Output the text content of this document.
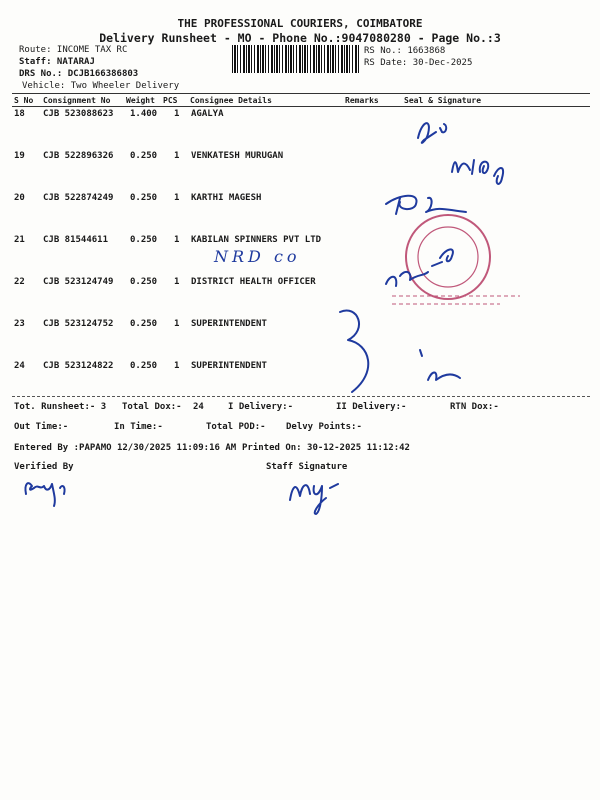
THE PROFESSIONAL COURIERS, COIMBATORE
Delivery Runsheet - MO - Phone No.:9047080280 - Page No.:3
Route: INCOME TAX RC
Staff: NATARAJ
DRS No.: DCJB166386803
Vehicle: Two Wheeler Delivery
RS No.: 1663868
RS Date: 30-Dec-2025
S No Consignment No Weight PCS Consignee Details	Remarks	Seal & Signature
18 CJB 523088623 1.400 1 AGALYA
19 CJB 522896326 0.250 1 VENKATESH MURUGAN
20 CJB 522874249 0.250 1 KARTHI MAGESH
21 CJB 81544611 0.250 1 KABILAN SPINNERS PVT LTD
22 CJB 523124749 0.250 1 DISTRICT HEALTH OFFICER
23 CJB 523124752 0.250 1 SUPERINTENDENT
24 CJB 523124822 0.250 1 SUPERINTENDENT
NRD co
Tot. Runsheet:- 3 Total Dox:- 24	I Delivery:-	II Delivery:-	RTN Dox:-
Out Time:-	In Time:-	Total POD:- Delvy Points:-
Entered By :PAPAMO 12/30/2025 11:09:16 AM Printed On: 30-12-2025 11:12:42
Verified By	Staff Signature
